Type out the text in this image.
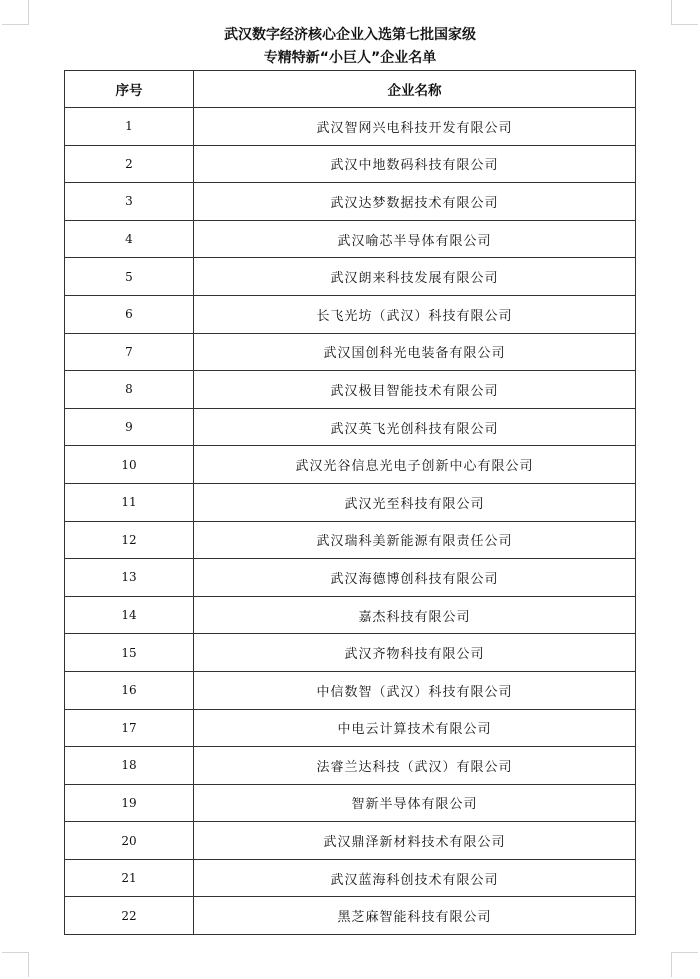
武汉数字经济核心企业入选第七批国家级
专精特新“小巨人”企业名单
序号	企业名称
1	武汉智网兴电科技开发有限公司
2	武汉中地数码科技有限公司
3	武汉达梦数据技术有限公司
4	武汉喻芯半导体有限公司
5	武汉朗来科技发展有限公司
6	长飞光坊（武汉）科技有限公司
7	武汉国创科光电装备有限公司
8	武汉极目智能技术有限公司
9	武汉英飞光创科技有限公司
10	武汉光谷信息光电子创新中心有限公司
11	武汉光至科技有限公司
12	武汉瑞科美新能源有限责任公司
13	武汉海德博创科技有限公司
14	嘉杰科技有限公司
15	武汉齐物科技有限公司
16	中信数智（武汉）科技有限公司
17	中电云计算技术有限公司
18	法睿兰达科技（武汉）有限公司
19	智新半导体有限公司
20	武汉鼎泽新材料技术有限公司
21	武汉蓝海科创技术有限公司
22	黑芝麻智能科技有限公司
